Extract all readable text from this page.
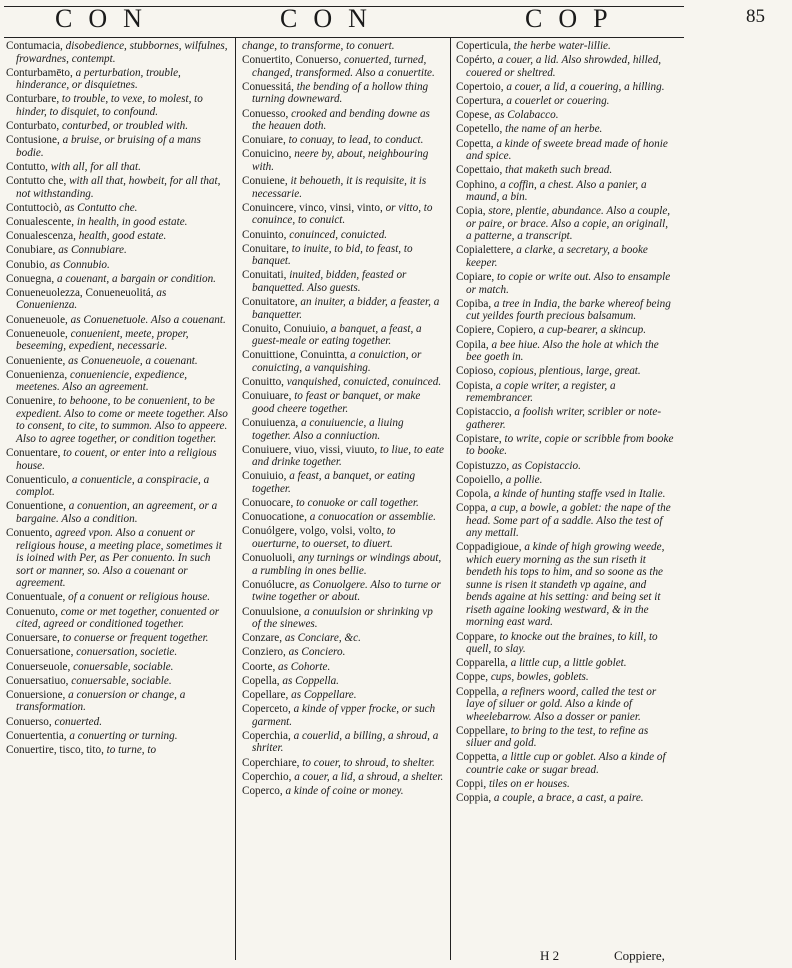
CON	CON	COP	85
Contumacia, disobedience, stubbornes, wilfulnes, frowardnes, contempt.
Conturbamēto, a perturbation, trouble, hinderance, or disquietnes.
Conturbare, to trouble, to vexe, to molest, to hinder, to disquiet, to confound.
Conturbato, conturbed, or troubled with.
Contusione, a bruise, or bruising of a mans bodie.
Contutto, with all, for all that.
Contutto che, with all that, howbeit, for all that, not withstanding.
Contuttociò, as Contutto che.
Conualescente, in health, in good estate.
Conualescenza, health, good estate.
Conubiare, as Connubiare.
Conubio, as Connubio.
Conuegna, a couenant, a bargain or condition.
Conueneuolezza, Conueneuolitá, as Conuenienza.
Conueneuole, as Conuenetuole. Also a couenant.
Conueneuole, conuenient, meete, proper, beseeming, expedient, necessarie.
Conueniente, as Conueneuole, a couenant.
Conuenienza, conueniencie, expedience, meetenes. Also an agreement.
Conuenire, to behoone, to be conuenient, to be expedient. Also to come or meete together. Also to consent, to cite, to summon. Also to appeere. Also to agree together, or condition together.
Conuentare, to couent, or enter into a religious house.
Conuenticulo, a conuenticle, a conspiracie, a complot.
Conuentione, a conuention, an agreement, or a bargaine. Also a condition.
Conuento, agreed vpon. Also a conuent or religious house, a meeting place, sometimes it is ioined with Per, as Per conuento. In such sort or manner, so. Also a couenant or agreement.
Conuentuale, of a conuent or religious house.
Conuenuto, come or met together, conuented or cited, agreed or conditioned together.
Conuersare, to conuerse or frequent together.
Conuersatione, conuersation, societie.
Conuerseuole, conuersable, sociable.
Conuersatiuo, conuersable, sociable.
Conuersione, a conuersion or change, a transformation.
Conuerso, conuerted.
Conuertentia, a conuerting or turning.
Conuertire, tisco, tito, to turne, to
change, to transforme, to conuert.
Conuertito, Conuerso, conuerted, turned, changed, transformed. Also a conuertite.
Conuessitá, the bending of a hollow thing turning downeward.
Conuesso, crooked and bending downe as the heauen doth.
Conuiare, to conuay, to lead, to conduct.
Conuicino, neere by, about, neighbouring with.
Conuiene, it behoueth, it is requisite, it is necessarie.
Conuincere, vinco, vinsi, vinto, or vitto, to conuince, to conuict.
Conuinto, conuinced, conuicted.
Conuitare, to inuite, to bid, to feast, to banquet.
Conuitati, inuited, bidden, feasted or banquetted. Also guests.
Conuitatore, an inuiter, a bidder, a feaster, a banquetter.
Conuito, Conuiuio, a banquet, a feast, a guest-meale or eating together.
Conuittione, Conuintta, a conuiction, or conuicting, a vanquishing.
Conuitto, vanquished, conuicted, conuinced.
Conuiuare, to feast or banquet, or make good cheere together.
Conuiuenza, a conuiuencie, a liuing together. Also a conniuction.
Conuiuere, viuo, vissi, viuuto, to liue, to eate and drinke together.
Conuiuio, a feast, a banquet, or eating together.
Conuocare, to conuoke or call together.
Conuocatione, a conuocation or assemblie.
Conuólgere, volgo, volsi, volto, to ouerturne, to ouerset, to diuert.
Conuoluoli, any turnings or windings about, a rumbling in ones bellie.
Conuólucre, as Conuolgere. Also to turne or twine together or about.
Conuulsione, a conuulsion or shrinking vp of the sinewes.
Conzare, as Conciare, &c.
Conziero, as Conciero.
Coorte, as Cohorte.
Copella, as Coppella.
Copellare, as Coppellare.
Coperceto, a kinde of vpper frocke, or such garment.
Coperchia, a couerlid, a billing, a shroud, a shriter.
Coperchiare, to couer, to shroud, to shelter.
Coperchio, a couer, a lid, a shroud, a shelter.
Coperco, a kinde of coine or money.
Coperticula, the herbe water-lillie.
Copérto, a couer, a lid. Also shrowded, hilled, couered or sheltred.
Copertoio, a couer, a lid, a couering, a hilling.
Copertura, a couerlet or couering.
Copese, as Colabacco.
Copetello, the name of an herbe.
Copetta, a kinde of sweete bread made of honie and spice.
Copettaio, that maketh such bread.
Cophino, a coffin, a chest. Also a panier, a maund, a bin.
Copia, store, plentie, abundance. Also a couple, or paire, or brace. Also a copie, an originall, a patterne, a transcript.
Copialettere, a clarke, a secretary, a booke keeper.
Copiare, to copie or write out. Also to ensample or match.
Copiba, a tree in India, the barke whereof being cut yeildes fourth precious balsamum.
Copiere, Copiero, a cup-bearer, a skincup.
Copila, a bee hiue. Also the hole at which the bee goeth in.
Copioso, copious, plentious, large, great.
Copista, a copie writer, a register, a remembrancer.
Copistaccio, a foolish writer, scribler or note-gatherer.
Copistare, to write, copie or scribble from booke to booke.
Copistuzzo, as Copistaccio.
Copoiello, a pollie.
Copola, a kinde of hunting staffe vsed in Italie.
Coppa, a cup, a bowle, a goblet: the nape of the head. Some part of a saddle. Also the test of any mettall.
Coppadigioue, a kinde of high growing weede, which euery morning as the sun riseth it bendeth his tops to him, and so soone as the sunne is risen it standeth vp againe, and bends againe at his setting: and being set it riseth againe looking westward, & in the morning east ward.
Coppare, to knocke out the braines, to kill, to quell, to slay.
Copparella, a little cup, a little goblet.
Coppe, cups, bowles, goblets.
Coppella, a refiners woord, called the test or laye of siluer or gold. Also a kinde of wheelebarrow. Also a dosser or panier.
Coppellare, to bring to the test, to refine as siluer and gold.
Coppetta, a little cup or goblet. Also a kinde of countrie cake or sugar bread.
Coppi, tiles on er houses.
Coppia, a couple, a brace, a cast, a paire.
H 2	Coppiere,
